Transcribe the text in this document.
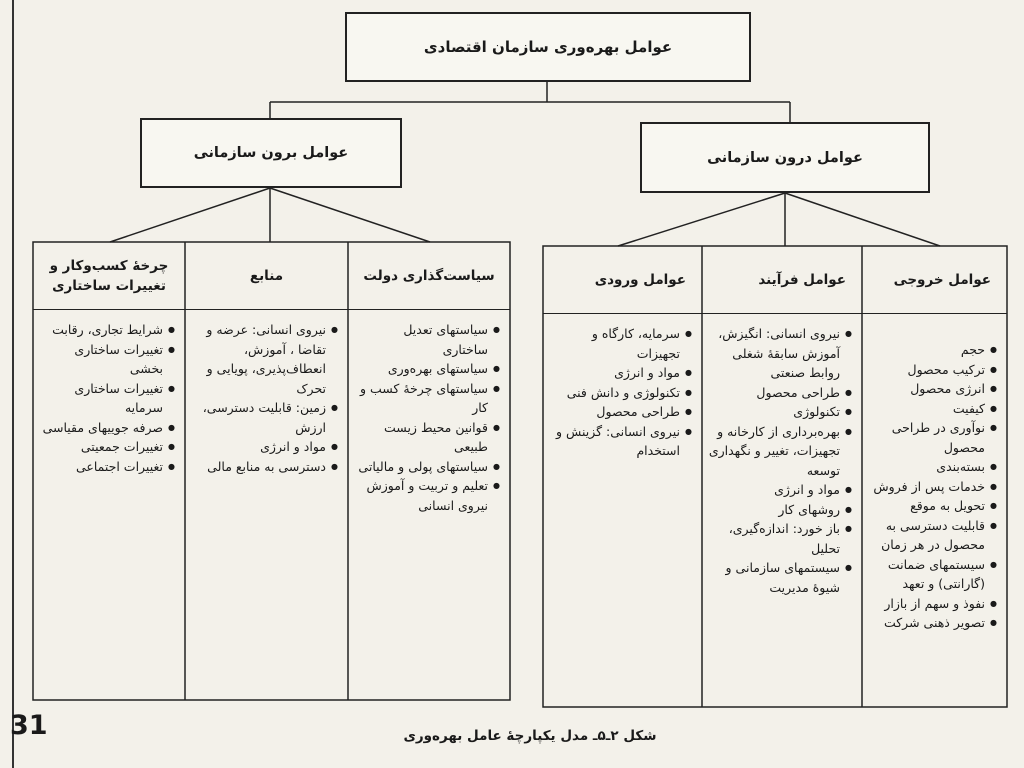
عوامل بهره‌وری سازمان اقتصادی
عوامل برون سازمانی	عوامل درون سازمانی
سیاست‌گذاری دولت
● سیاستهای تعدیل ساختاری
● سیاستهای بهره‌وری
● سیاستهای چرخهٔ کسب و کار
● قوانین محیط زیست طبیعی
● سیاستهای پولی و مالیاتی
● تعلیم و تربیت و آموزش نیروی انسانی
منابع
● نیروی انسانی: عرضه و تقاضا ، آموزش، انعطاف‌پذیری، پویایی و تحرک
● زمین: قابلیت دسترسی، ارزش
● مواد و انرژی
● دسترسی به منابع مالی
چرخهٔ کسب‌وکار و تغییرات ساختاری
● شرایط تجاری، رقابت
● تغییرات ساختاری بخشی
● تغییرات ساختاری سرمایه
● صرفه جوییهای مقیاسی
● تغییرات جمعیتی
● تغییرات اجتماعی
عوامل ورودی
● سرمایه، کارگاه و تجهیزات
● مواد و انرژی
● تکنولوژی و دانش فنی
● طراحی محصول
● نیروی انسانی: گزینش و استخدام
عوامل فرآیند
● نیروی انسانی: انگیزش، آموزش سابقهٔ شغلی روابط صنعتی
● طراحی محصول
● تکنولوژی
● بهره‌برداری از کارخانه و تجهیزات، تغییر و نگهداری توسعه
● مواد و انرژی
● روشهای کار
● باز خورد: اندازه‌گیری، تحلیل
● سیستمهای سازمانی و شیوهٔ مدیریت
عوامل خروجی
● حجم
● ترکیب محصول
● انرژی محصول
● کیفیت
● نوآوری در طراحی محصول
● بسته‌بندی
● خدمات پس از فروش
● تحویل به موقع
● قابلیت دسترسی به محصول در هر زمان
● سیستمهای ضمانت (گارانتی) و تعهد
● نفوذ و سهم از بازار
● تصویر ذهنی شرکت
31	شکل ۲ـ۵ـ مدل یکپارچهٔ عامل بهره‌وری
